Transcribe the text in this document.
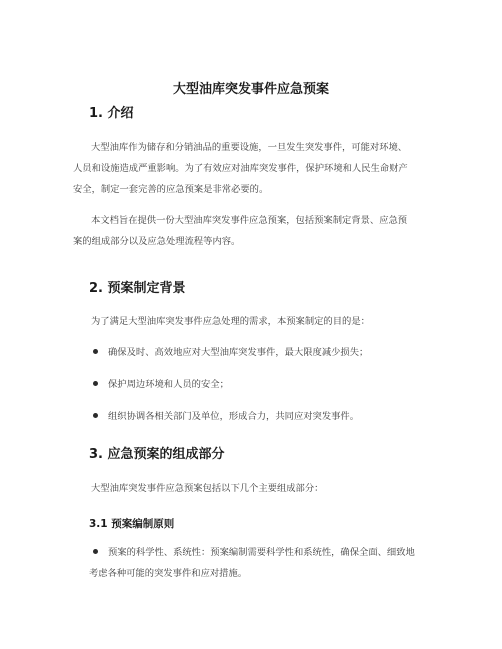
大型油库突发事件应急预案
1. 介绍

大型油库作为储存和分销油品的重要设施，一旦发生突发事件，可能对环境、
人员和设施造成严重影响。为了有效应对油库突发事件，保护环境和人民生命财产
安全，制定一套完善的应急预案是非常必要的。

本文档旨在提供一份大型油库突发事件应急预案，包括预案制定背景、应急预
案的组成部分以及应急处理流程等内容。

2. 预案制定背景

为了满足大型油库突发事件应急处理的需求，本预案制定的目的是：

确保及时、高效地应对大型油库突发事件，最大限度减少损失；

保护周边环境和人员的安全；

组织协调各相关部门及单位，形成合力，共同应对突发事件。

3. 应急预案的组成部分

大型油库突发事件应急预案包括以下几个主要组成部分：

3.1 预案编制原则

预案的科学性、系统性：预案编制需要科学性和系统性，确保全面、细致地
考虑各种可能的突发事件和应对措施。
